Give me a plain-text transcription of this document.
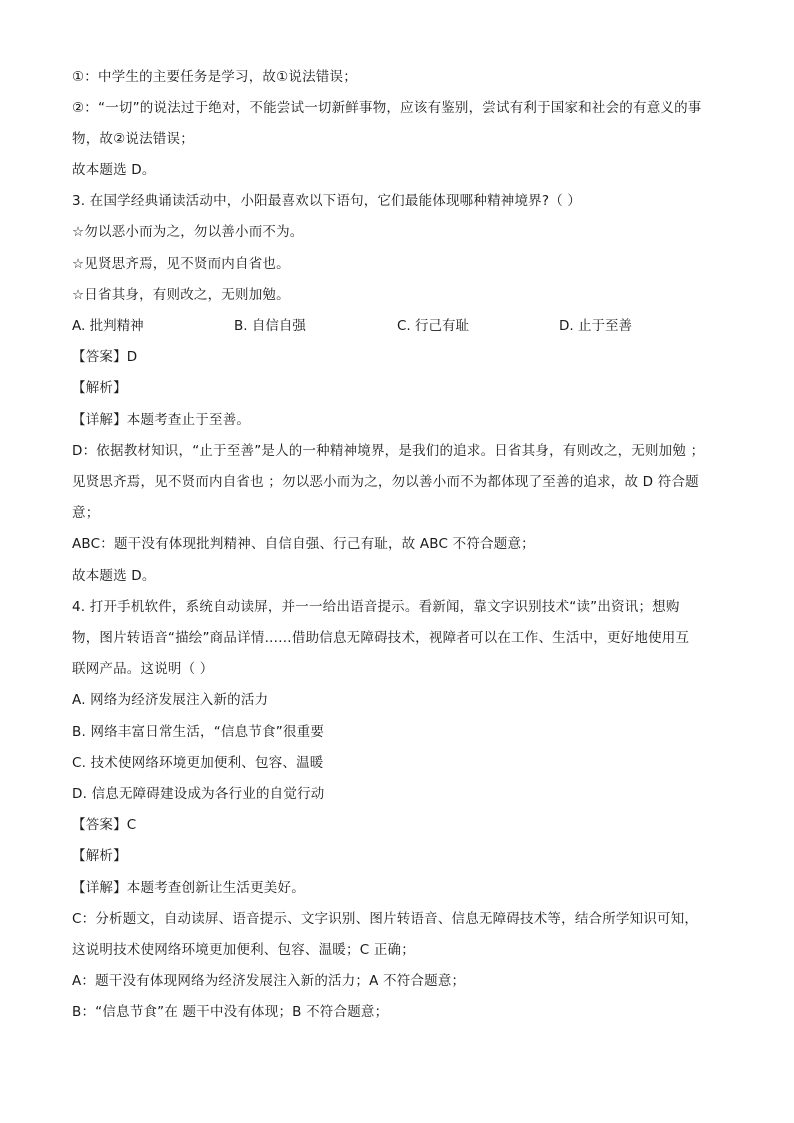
①：中学生的主要任务是学习，故①说法错误；
②：“一切”的说法过于绝对，不能尝试一切新鲜事物，应该有鉴别，尝试有利于国家和社会的有意义的事
物，故②说法错误；
故本题选 D。
3. 在国学经典诵读活动中，小阳最喜欢以下语句，它们最能体现哪种精神境界?（ ）
☆勿以恶小而为之，勿以善小而不为。
☆见贤思齐焉，见不贤而内自省也。
☆日省其身，有则改之，无则加勉。
A. 批判精神	B. 自信自强	C. 行己有耻	D. 止于至善
【答案】D
【解析】
【详解】本题考查止于至善。
D：依据教材知识，“止于至善”是人的一种精神境界，是我们的追求。日省其身，有则改之，无则加勉 ；
见贤思齐焉，见不贤而内自省也 ；勿以恶小而为之，勿以善小而不为都体现了至善的追求，故 D 符合题
意；
ABC：题干没有体现批判精神、自信自强、行己有耻，故 ABC 不符合题意；
故本题选 D。
4. 打开手机软件，系统自动读屏，并一一给出语音提示。看新闻，靠文字识别技术“读”出资讯；想购
物，图片转语音“描绘”商品详情……借助信息无障碍技术，视障者可以在工作、生活中，更好地使用互
联网产品。这说明（ ）
A. 网络为经济发展注入新的活力
B. 网络丰富日常生活，“信息节食”很重要
C. 技术使网络环境更加便利、包容、温暖
D. 信息无障碍建设成为各行业的自觉行动
【答案】C
【解析】
【详解】本题考查创新让生活更美好。
C：分析题文，自动读屏、语音提示、文字识别、图片转语音、信息无障碍技术等，结合所学知识可知，
这说明技术使网络环境更加便利、包容、温暖；C 正确；
A：题干没有体现网络为经济发展注入新的活力；A 不符合题意；
B：“信息节食”在 题干中没有体现；B 不符合题意；
